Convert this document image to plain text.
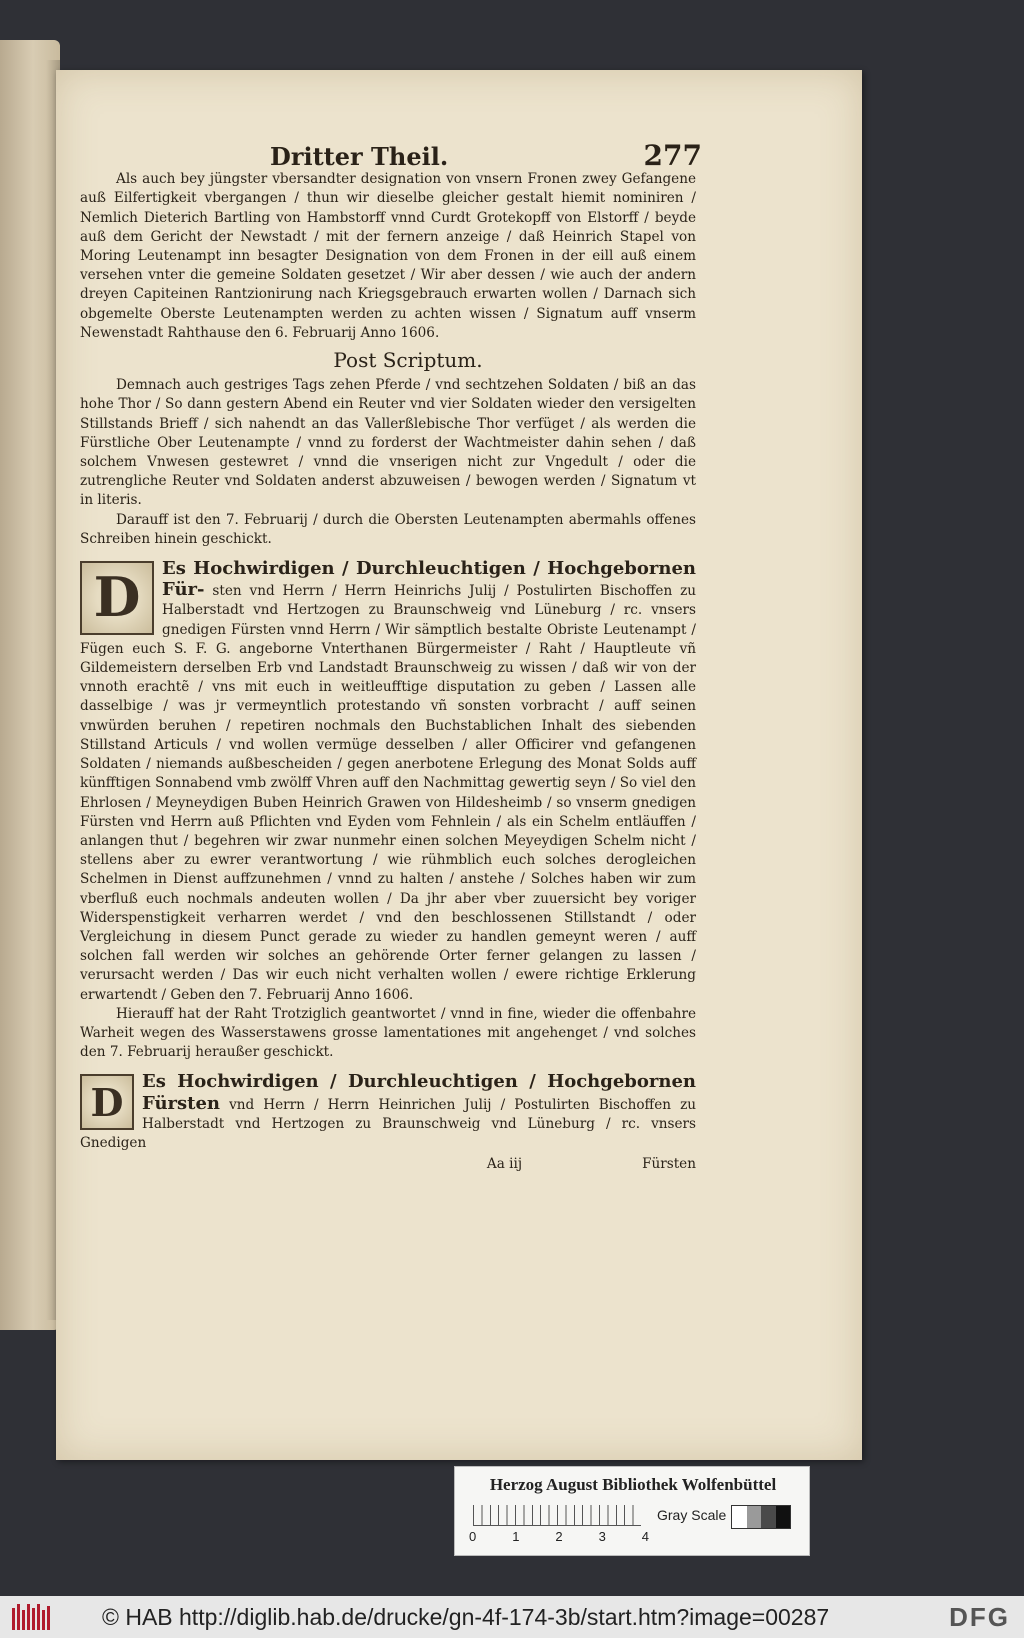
Dritter Theil.	277

Als auch bey jüngster vbersandter designation von vnsern Fronen zwey Gefangene auß Eilfertigkeit vbergangen / thun wir dieselbe gleicher gestalt hiemit nominiren / Nemlich Dieterich Bartling von Hambstorff vnnd Curdt Grotekopff von Elstorff / beyde auß dem Gericht der Newstadt / mit der fernern anzeige / daß Heinrich Stapel von Moring Leutenampt inn besagter Designation von dem Fronen in der eill auß einem versehen vnter die gemeine Soldaten gesetzet / Wir aber dessen / wie auch der andern dreyen Capiteinen Rantzionirung nach Kriegsgebrauch erwarten wollen / Darnach sich obgemelte Oberste Leutenampten werden zu achten wissen / Signatum auff vnserm Newenstadt Rahthause den 6. Februarij Anno 1606.

Post Scriptum.

Demnach auch gestriges Tags zehen Pferde / vnd sechtzehen Soldaten / biß an das hohe Thor / So dann gestern Abend ein Reuter vnd vier Soldaten wieder den versigelten Stillstands Brieff / sich nahendt an das Vallerßlebische Thor verfüget / als werden die Fürstliche Ober Leutenampte / vnnd zu forderst der Wachtmeister dahin sehen / daß solchem Vnwesen gestewret / vnnd die vnserigen nicht zur Vngedult / oder die zutrengliche Reuter vnd Soldaten anderst abzuweisen / bewogen werden / Signatum vt in literis.

Darauff ist den 7. Februarij / durch die Obersten Leutenampten abermahls offenes Schreiben hinein geschickt.

D	Es Hochwirdigen / Durchleuchtigen / Hochgebornen Für- sten vnd Herrn / Herrn Heinrichs Julij / Postulirten Bischoffen zu Halberstadt vnd Hertzogen zu Braunschweig vnd Lüneburg / rc. vnsers gnedigen Fürsten vnnd Herrn / Wir sämptlich bestalte Obriste Leutenampt / Fügen euch S. F. G. angeborne Vnterthanen Bürgermeister / Raht / Hauptleute vñ Gildemeistern derselben Erb vnd Landstadt Braunschweig zu wissen / daß wir von der vnnoth erachtẽ / vns mit euch in weitleufftige disputation zu geben / Lassen alle dasselbige / was jr vermeyntlich protestando vñ sonsten vorbracht / auff seinen vnwürden beruhen / repetiren nochmals den Buchstablichen Inhalt des siebenden Stillstand Articuls / vnd wollen vermüge desselben / aller Officirer vnd gefangenen Soldaten / niemands außbescheiden / gegen anerbotene Erlegung des Monat Solds auff künfftigen Sonnabend vmb zwölff Vhren auff den Nachmittag gewertig seyn / So viel den Ehrlosen / Meyneydigen Buben Heinrich Grawen von Hildesheimb / so vnserm gnedigen Fürsten vnd Herrn auß Pflichten vnd Eyden vom Fehnlein / als ein Schelm entläuffen / anlangen thut / begehren wir zwar nunmehr einen solchen Meyeydigen Schelm nicht / stellens aber zu ewrer verantwortung / wie rühmblich euch solches derogleichen Schelmen in Dienst auffzunehmen / vnnd zu halten / anstehe / Solches haben wir zum vberfluß euch nochmals andeuten wollen / Da jhr aber vber zuuersicht bey voriger Widerspenstigkeit verharren werdet / vnd den beschlossenen Stillstandt / oder Vergleichung in diesem Punct gerade zu wieder zu handlen gemeynt weren / auff solchen fall werden wir solches an gehörende Orter ferner gelangen zu lassen / verursacht werden / Das wir euch nicht verhalten wollen / ewere richtige Erklerung erwartendt / Geben den 7. Februarij Anno 1606.

Hierauff hat der Raht Trotziglich geantwortet / vnnd in fine, wieder die offenbahre Warheit wegen des Wasserstawens grosse lamentationes mit angehenget / vnd solches den 7. Februarij heraußer geschickt.

D	Es Hochwirdigen / Durchleuchtigen / Hochgebornen Fürsten vnd Herrn / Herrn Heinrichen Julij / Postulirten Bischoffen zu Halberstadt vnd Hertzogen zu Braunschweig vnd Lüneburg / rc. vnsers Gnedigen

Aa iij	Fürsten
Herzog August Bibliothek Wolfenbüttel
0	1	2	3	4
Gray Scale
© HAB http://diglib.hab.de/drucke/gn-4f-174-3b/start.htm?image=00287	DFG
